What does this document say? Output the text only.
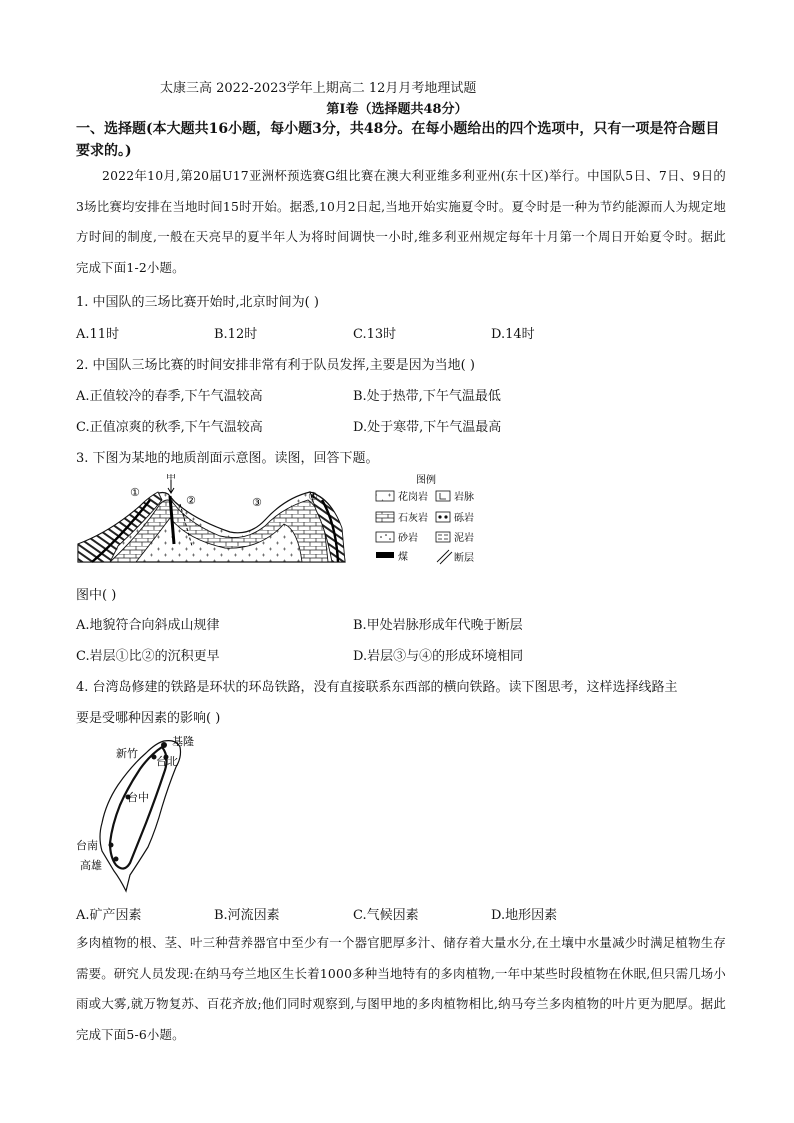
太康三高 2022-2023学年上期高二 12月月考地理试题
第Ⅰ卷（选择题共48分）
一、选择题(本大题共16小题，每小题3分，共48分。在每小题给出的四个选项中，只有一项是符合题目要求的。)
2022年10月,第20届U17亚洲杯预选赛G组比赛在澳大利亚维多利亚州(东十区)举行。中国队5日、7日、9日的3场比赛均安排在当地时间15时开始。据悉,10月2日起,当地开始实施夏令时。夏令时是一种为节约能源而人为规定地方时间的制度,一般在天亮早的夏半年人为将时间调快一小时,维多利亚州规定每年十月第一个周日开始夏令时。据此完成下面1-2小题。
1. 中国队的三场比赛开始时,北京时间为( )
A.11时	B.12时	C.13时	D.14时
2. 中国队三场比赛的时间安排非常有利于队员发挥,主要是因为当地( )
A.正值较冷的春季,下午气温较高	B.处于热带,下午气温最低
C.正值凉爽的秋季,下午气温较高	D.处于寒带,下午气温最高
3. 下图为某地的地质剖面示意图。读图，回答下题。
①
甲
②	③	④
图例
花岗岩	岩脉
石灰岩	砾岩
砂岩	泥岩
煤	断层
图中( )
A.地貌符合向斜成山规律	B.甲处岩脉形成年代晚于断层
C.岩层①比②的沉积更早	D.岩层③与④的形成环境相同
4. 台湾岛修建的铁路是环状的环岛铁路，没有直接联系东西部的横向铁路。读下图思考，这样选择线路主
要是受哪种因素的影响( )
基隆
新竹
台北
台中
台南
高雄
A.矿产因素	B.河流因素	C.气候因素	D.地形因素
多肉植物的根、茎、叶三种营养器官中至少有一个器官肥厚多汁、储存着大量水分,在土壤中水量减少时满足植物生存需要。研究人员发现:在纳马夸兰地区生长着1000多种当地特有的多肉植物,一年中某些时段植物在休眠,但只需几场小雨或大雾,就万物复苏、百花齐放;他们同时观察到,与图甲地的多肉植物相比,纳马夸兰多肉植物的叶片更为肥厚。据此完成下面5-6小题。
